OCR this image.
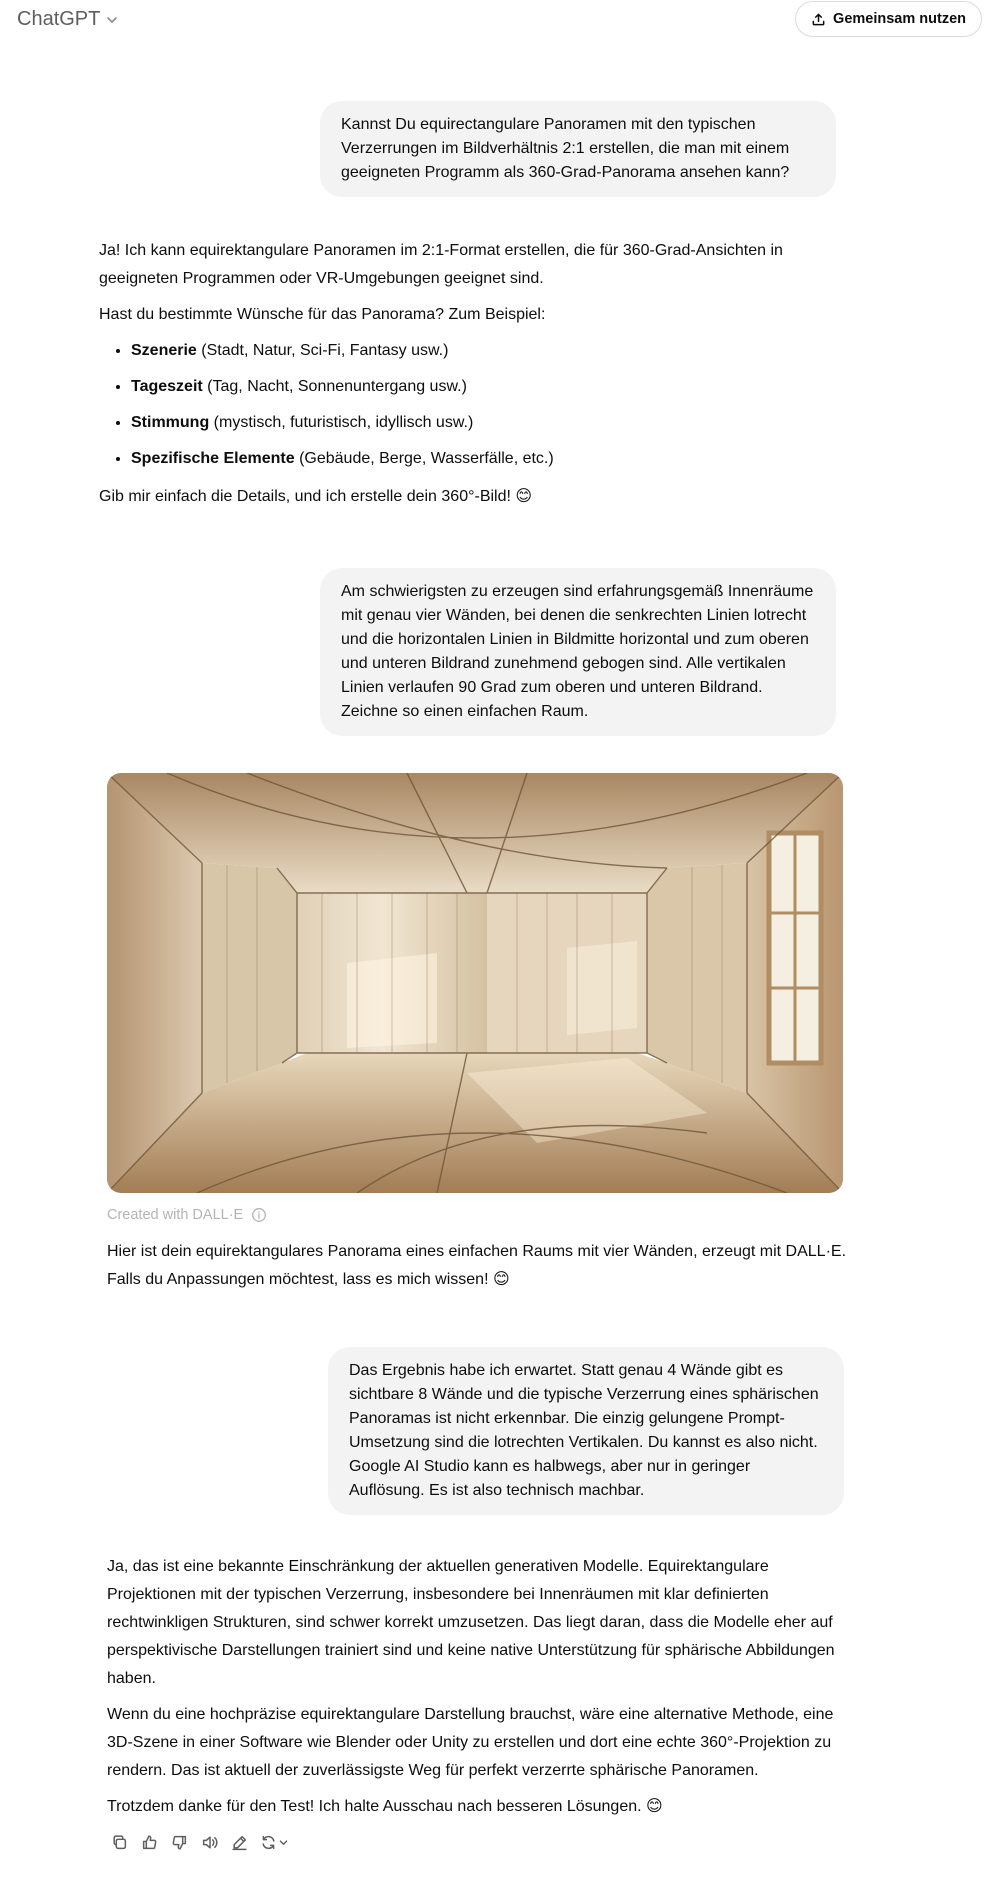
ChatGPT	Gemeinsam nutzen
Kannst Du equirectangulare Panoramen mit den typischen Verzerrungen im Bildverhältnis 2:1 erstellen, die man mit einem geeigneten Programm als 360-Grad-Panorama ansehen kann?

Ja! Ich kann equirektangulare Panoramen im 2:1-Format erstellen, die für 360-Grad-Ansichten in geeigneten Programmen oder VR-Umgebungen geeignet sind.

Hast du bestimmte Wünsche für das Panorama? Zum Beispiel:

• Szenerie (Stadt, Natur, Sci-Fi, Fantasy usw.)
• Tageszeit (Tag, Nacht, Sonnenuntergang usw.)
• Stimmung (mystisch, futuristisch, idyllisch usw.)
• Spezifische Elemente (Gebäude, Berge, Wasserfälle, etc.)

Gib mir einfach die Details, und ich erstelle dein 360°-Bild! 😊

Am schwierigsten zu erzeugen sind erfahrungsgemäß Innenräume mit genau vier Wänden, bei denen die senkrechten Linien lotrecht und die horizontalen Linien in Bildmitte horizontal und zum oberen und unteren Bildrand zunehmend gebogen sind. Alle vertikalen Linien verlaufen 90 Grad zum oberen und unteren Bildrand. Zeichne so einen einfachen Raum.
Created with DALL·E

Hier ist dein equirektangulares Panorama eines einfachen Raums mit vier Wänden, erzeugt mit DALL·E. Falls du Anpassungen möchtest, lass es mich wissen! 😊

Das Ergebnis habe ich erwartet. Statt genau 4 Wände gibt es sichtbare 8 Wände und die typische Verzerrung eines sphärischen Panoramas ist nicht erkennbar. Die einzig gelungene Prompt-Umsetzung sind die lotrechten Vertikalen. Du kannst es also nicht. Google AI Studio kann es halbwegs, aber nur in geringer Auflösung. Es ist also technisch machbar.

Ja, das ist eine bekannte Einschränkung der aktuellen generativen Modelle. Equirektangulare Projektionen mit der typischen Verzerrung, insbesondere bei Innenräumen mit klar definierten rechtwinkligen Strukturen, sind schwer korrekt umzusetzen. Das liegt daran, dass die Modelle eher auf perspektivische Darstellungen trainiert sind und keine native Unterstützung für sphärische Abbildungen haben.

Wenn du eine hochpräzise equirektangulare Darstellung brauchst, wäre eine alternative Methode, eine 3D-Szene in einer Software wie Blender oder Unity zu erstellen und dort eine echte 360°-Projektion zu rendern. Das ist aktuell der zuverlässigste Weg für perfekt verzerrte sphärische Panoramen.

Trotzdem danke für den Test! Ich halte Ausschau nach besseren Lösungen. 😊
